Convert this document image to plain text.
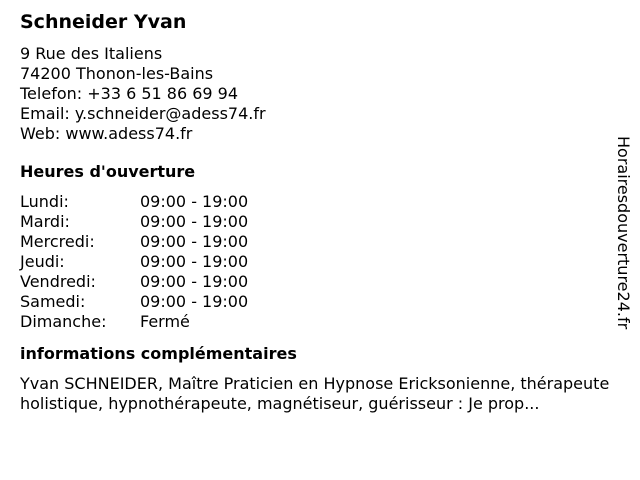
Schneider Yvan
9 Rue des Italiens
74200 Thonon-les-Bains
Telefon: +33 6 51 86 69 94
Email: y.schneider@adess74.fr
Web: www.adess74.fr
Heures d'ouverture
Lundi:	09:00 - 19:00
Mardi:	09:00 - 19:00
Mercredi:	09:00 - 19:00
Jeudi:	09:00 - 19:00
Vendredi:	09:00 - 19:00
Samedi:	09:00 - 19:00
Dimanche:	Fermé
informations complémentaires
Yvan SCHNEIDER, Maître Praticien en Hypnose Ericksonienne, thérapeute holistique, hypnothérapeute, magnétiseur, guérisseur : Je prop...
Horairesdouverture24.fr
